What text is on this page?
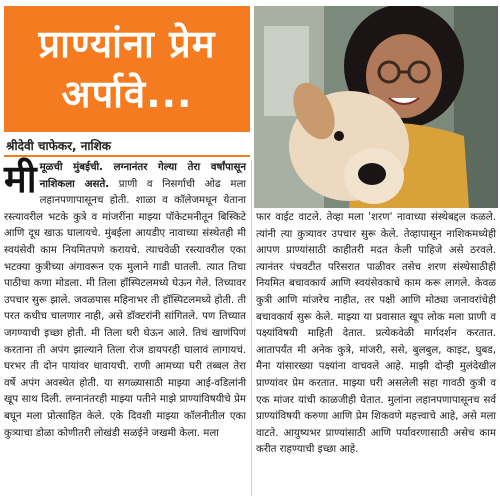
प्राण्यांना प्रेम
अर्पावे...
श्रीदेवी चाफेकर, नाशिक
मी मूळची मुंबईची. लग्नानंतर गेल्या तेरा वर्षांपासून नाशिकला असते. प्राणी व निसर्गाची ओढ मला लहानपणापासूनच होती. शाळा व कॉलेजमधून येताना रस्त्यावरील भटके कुत्रे व मांजरींना माझ्या पॉकेटमनीतून बिस्किटे आणि दूध खाऊ घालायचे. मुंबईला आयडीए नावाच्या संस्थेतही मी स्वयंसेवी काम नियमितपणे करायचे. त्याचवेळी रस्त्यावरील एका भटक्या कुत्रीच्या अंगावरून एक मुलाने गाडी घातली. त्यात तिचा पाठीचा कणा मोडला. मी तिला हॉस्पिटलमध्ये घेऊन गेले. तिच्यावर उपचार सुरू झाले. जवळपास महिनाभर ती हॉस्पिटलमध्ये होती. ती परत कधीच चालणार नाही, असे डॉक्टरांनी सांगितले. पण तिच्यात जगण्याची इच्छा होती. मी तिला घरी घेऊन आले. तिचं खाणंपिणं करताना ती अपंग झाल्याने तिला रोज डायपरही घालावं लागायचं. घरभर ती दोन पायांवर धावायची. राणी आमच्या घरी तब्बल तेरा वर्षे अपंग अवस्थेत होती. या सगळ्यासाठी माझ्या आई-वडिलांनी खूप साथ दिली. लग्नानंतरही माझ्या पतीने माझे प्राण्यांविषयीचे प्रेम बघून मला प्रोत्साहित केले. एके दिवशी माझ्या कॉलनीतील एका कुत्र्याचा डोळा कोणीतरी लोखंडी सळईने जखमी केला. मला
फार वाईट वाटले. तेव्हा मला 'शरण' नावाच्या संस्थेबद्दल कळले. त्यांनी त्या कुत्र्यावर उपचार सुरू केले. तेव्हापासून नाशिकमध्येही आपण प्राण्यांसाठी काहीतरी मदत केली पाहिजे असे ठरवले. त्यानंतर पंचवटीत परिसरात पाळीवर तसेच शरण संस्थेसाठीही नियमित बचावकार्य आणि स्वयंसेवकाचे काम करू लागले. केवळ कुत्री आणि मांजरेच नाहीत, तर पक्षी आणि मोठ्या जनावरांचेही बचावकार्य सुरू केले. माझ्या या प्रवासात खूप लोक मला प्राणी व पक्ष्यांविषयी माहिती देतात. प्रत्येकवेळी मार्गदर्शन करतात. आतापर्यंत मी अनेक कुत्रे, मांजरी, ससे, बुलबुल, काइट, घुबड, मैना यांसारख्या पक्ष्यांना वाचवले आहे. माझी दोन्ही मुलंदेखील प्राण्यांवर प्रेम करतात. माझ्या घरी असलेली सहा गावठी कुत्री व एक मांजर यांची काळजीही घेतात. मुलांना लहानपणापासूनच सर्व प्राण्यांविषयी करुणा आणि प्रेम शिकवणे महत्त्वाचे आहे, असे मला वाटते. आयुष्यभर प्राण्यांसाठी आणि पर्यावरणासाठी असेच काम करीत राहण्याची इच्छा आहे.
